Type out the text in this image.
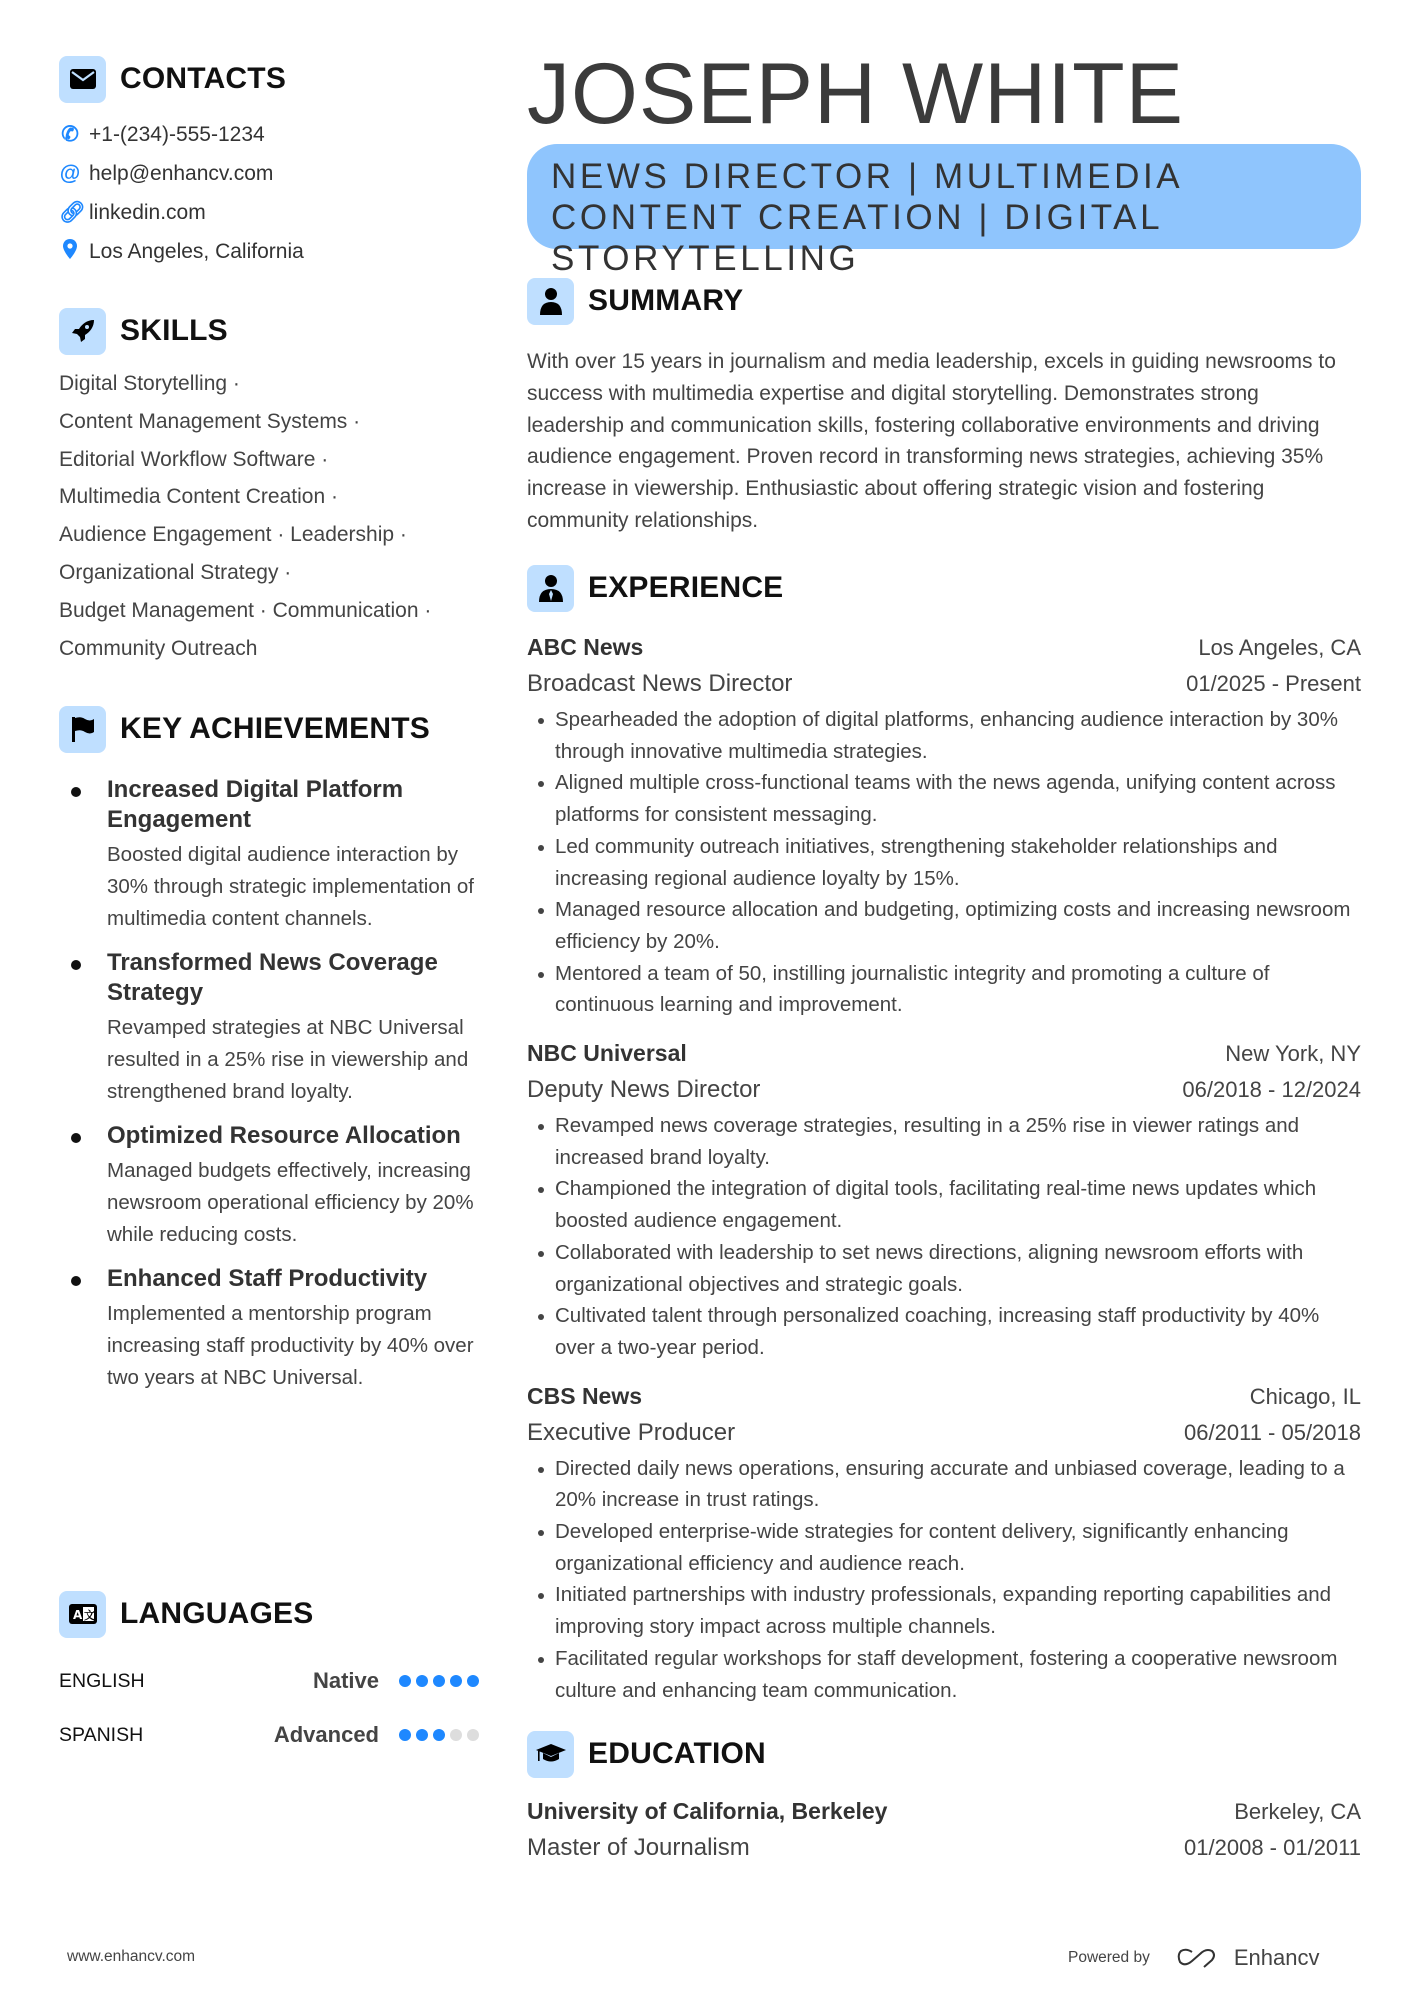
CONTACTS
✆ +1-(234)-555-1234
@ help@enhancv.com
🔗︎ linkedin.com
Los Angeles, California
SKILLS
Digital Storytelling ·
Content Management Systems ·
Editorial Workflow Software ·
Multimedia Content Creation ·
Audience Engagement · Leadership ·
Organizational Strategy ·
Budget Management · Communication ·
Community Outreach
KEY ACHIEVEMENTS
Increased Digital Platform Engagement

Boosted digital audience interaction by 30% through strategic implementation of multimedia content channels.

Transformed News Coverage Strategy

Revamped strategies at NBC Universal resulted in a 25% rise in viewership and strengthened brand loyalty.

Optimized Resource Allocation

Managed budgets effectively, increasing newsroom operational efficiency by 20% while reducing costs.

Enhanced Staff Productivity

Implemented a mentorship program increasing staff productivity by 40% over two years at NBC Universal.

A 文 LANGUAGES
ENGLISH	Native
SPANISH	Advanced
www.enhancv.com
JOSEPH WHITE
NEWS DIRECTOR | MULTIMEDIA CONTENT CREATION | DIGITAL STORYTELLING
SUMMARY

With over 15 years in journalism and media leadership, excels in guiding newsrooms to success with multimedia expertise and digital storytelling. Demonstrates strong leadership and communication skills, fostering collaborative environments and driving audience engagement. Proven record in transforming news strategies, achieving 35% increase in viewership. Enthusiastic about offering strategic vision and fostering community relationships.

EXPERIENCE
ABC News	Los Angeles, CA
Broadcast News Director	01/2025 - Present
Spearheaded the adoption of digital platforms, enhancing audience interaction by 30% through innovative multimedia strategies.
Aligned multiple cross-functional teams with the news agenda, unifying content across platforms for consistent messaging.
Led community outreach initiatives, strengthening stakeholder relationships and increasing regional audience loyalty by 15%.
Managed resource allocation and budgeting, optimizing costs and increasing newsroom efficiency by 20%.
Mentored a team of 50, instilling journalistic integrity and promoting a culture of continuous learning and improvement.
NBC Universal	New York, NY
Deputy News Director	06/2018 - 12/2024
Revamped news coverage strategies, resulting in a 25% rise in viewer ratings and increased brand loyalty.
Championed the integration of digital tools, facilitating real-time news updates which boosted audience engagement.
Collaborated with leadership to set news directions, aligning newsroom efforts with organizational objectives and strategic goals.
Cultivated talent through personalized coaching, increasing staff productivity by 40% over a two-year period.
CBS News	Chicago, IL
Executive Producer	06/2011 - 05/2018
Directed daily news operations, ensuring accurate and unbiased coverage, leading to a 20% increase in trust ratings.
Developed enterprise-wide strategies for content delivery, significantly enhancing organizational efficiency and audience reach.
Initiated partnerships with industry professionals, expanding reporting capabilities and improving story impact across multiple channels.
Facilitated regular workshops for staff development, fostering a cooperative newsroom culture and enhancing team communication.
EDUCATION
University of California, Berkeley	Berkeley, CA
Master of Journalism	01/2008 - 01/2011
Powered by	Enhancv
